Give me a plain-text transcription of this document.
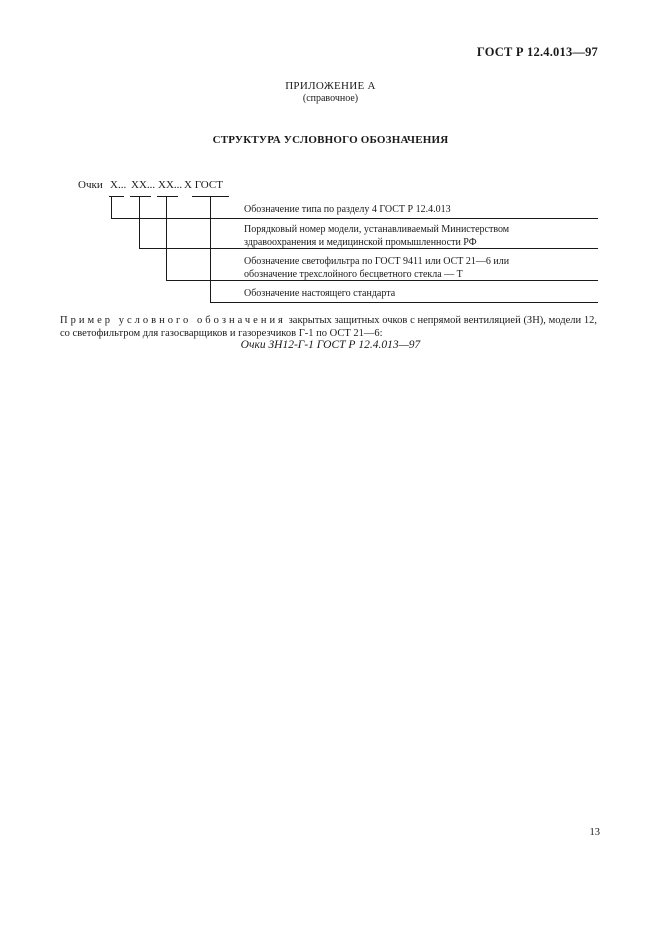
ГОСТ Р 12.4.013—97
ПРИЛОЖЕНИЕ А
(справочное)
СТРУКТУРА УСЛОВНОГО ОБОЗНАЧЕНИЯ
Очки Х... ХХ... ХХ... Х ГОСТ
Обозначение типа по разделу 4 ГОСТ Р 12.4.013
Порядковый номер модели, устанавливаемый Министерством
здравоохранения и медицинской промышленности РФ
Обозначение светофильтра по ГОСТ 9411 или ОСТ 21—6 или
обозначение трехслойного бесцветного стекла — Т
Обозначение настоящего стандарта
Пример условного обозначения закрытых защитных очков с непрямой вентиляцией (ЗН), модели 12, со светофильтром для газосварщиков и газорезчиков Г-1 по ОСТ 21—6:
Очки ЗН12-Г-1 ГОСТ Р 12.4.013—97
13
